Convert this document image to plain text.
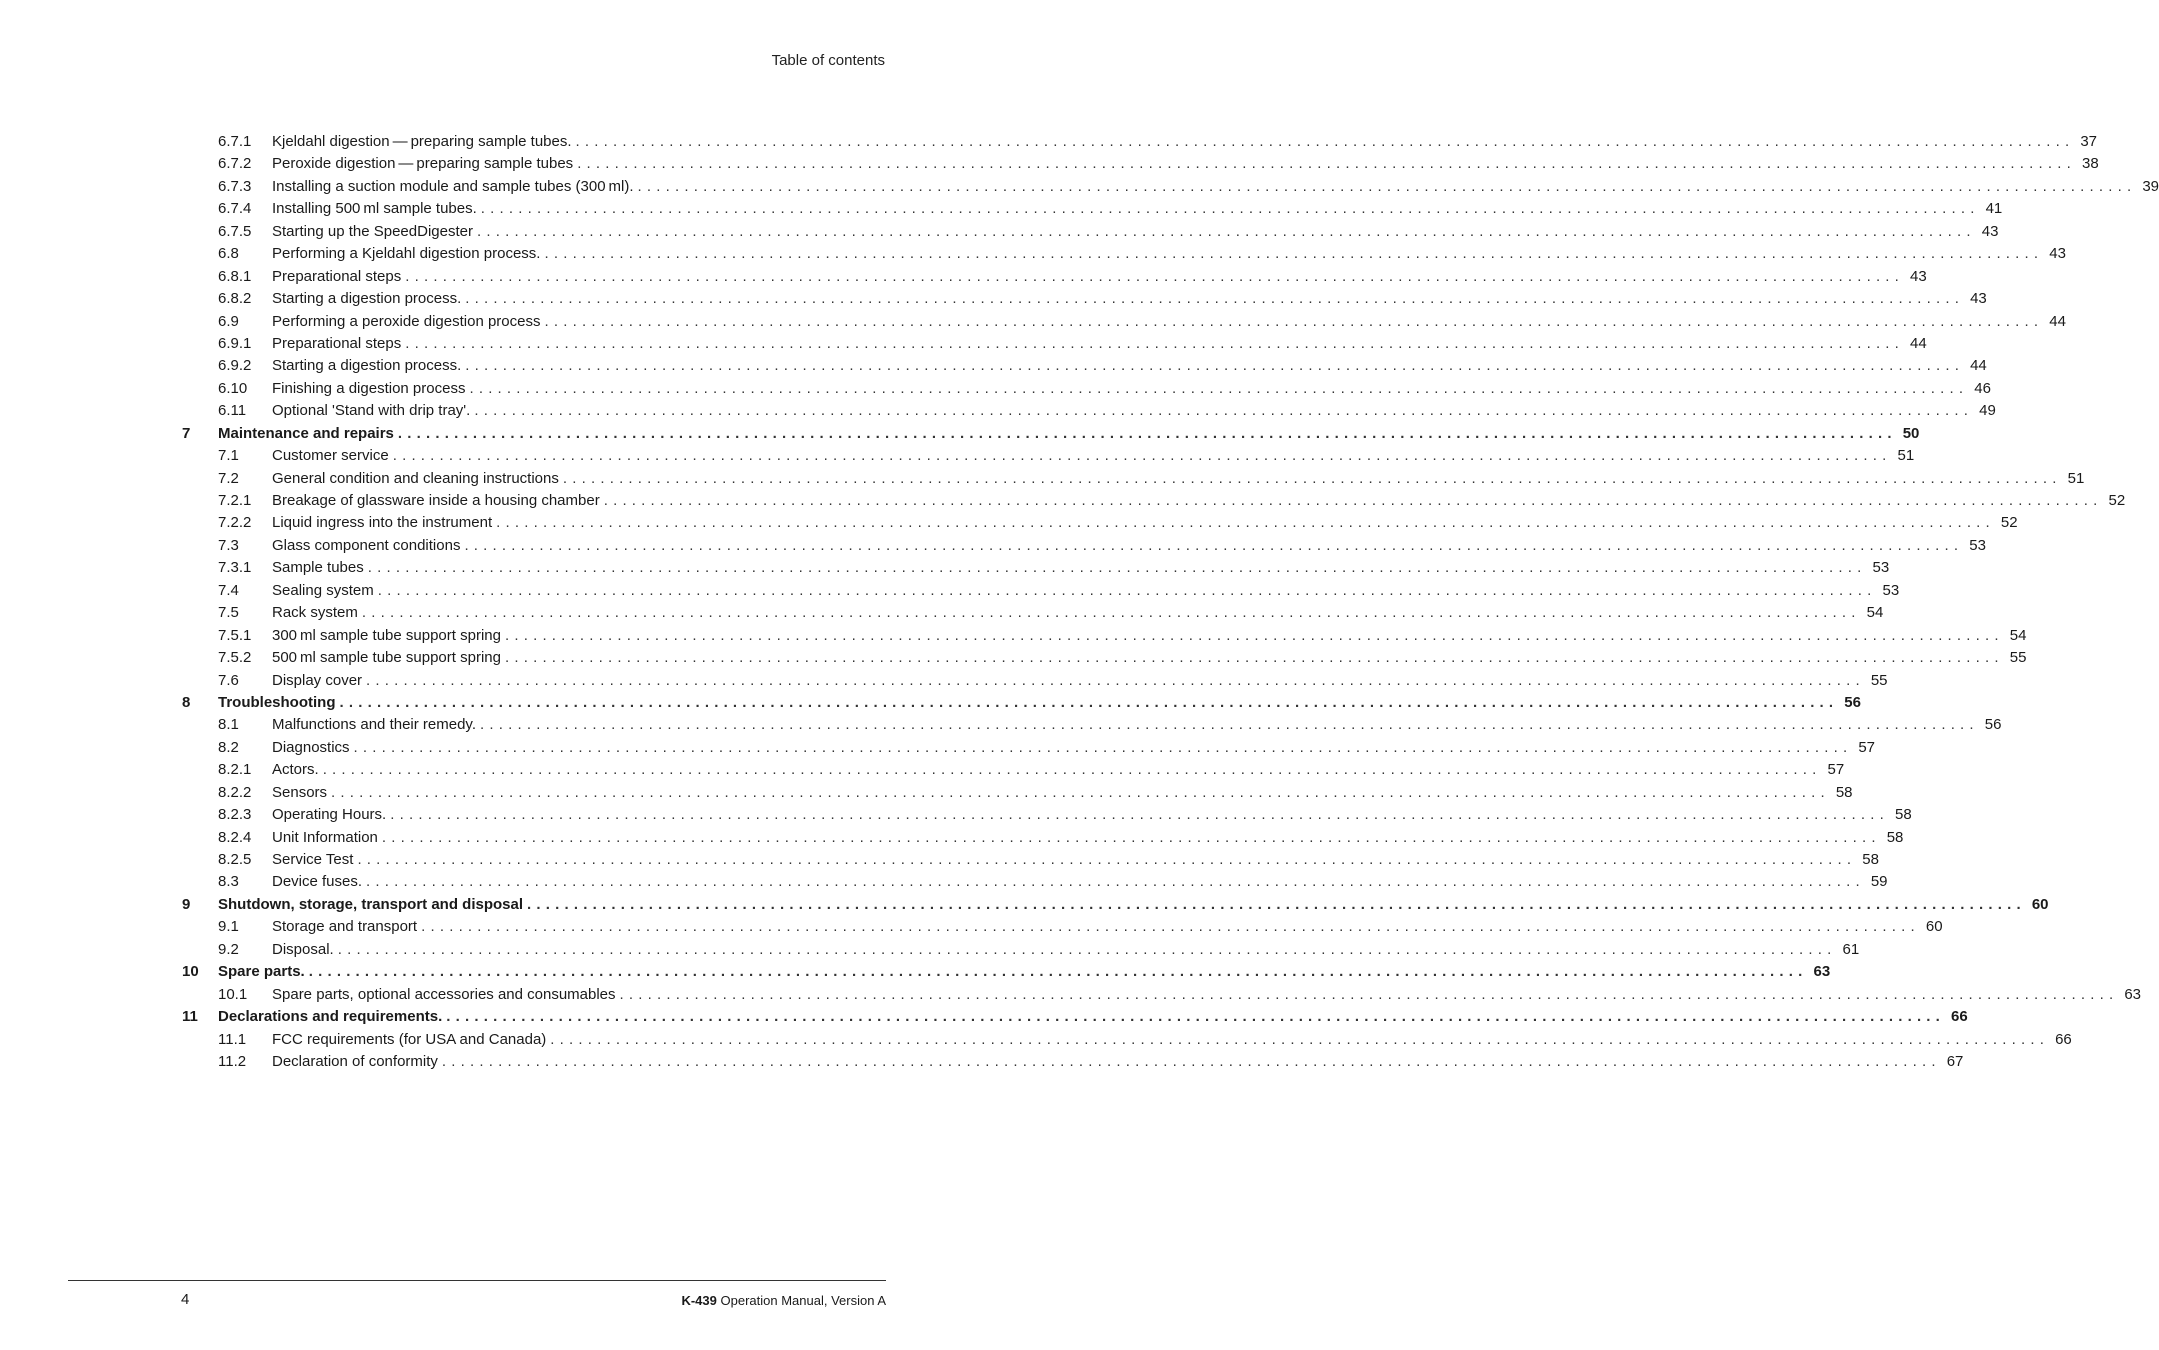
Table of contents
6.7.1 Kjeldahl digestion — preparing sample tubes. ................................................................................................................................................................ 37
6.7.2 Peroxide digestion — preparing sample tubes ................................................................................................................................................................ 38
6.7.3 Installing a suction module and sample tubes (300 ml). ................................................................................................................................................................ 39
6.7.4 Installing 500 ml sample tubes. ................................................................................................................................................................ 41
6.7.5 Starting up the SpeedDigester ................................................................................................................................................................ 43
6.8 Performing a Kjeldahl digestion process. ................................................................................................................................................................ 43
6.8.1 Preparational steps ................................................................................................................................................................ 43
6.8.2 Starting a digestion process. ................................................................................................................................................................ 43
6.9 Performing a peroxide digestion process ................................................................................................................................................................ 44
6.9.1 Preparational steps ................................................................................................................................................................ 44
6.9.2 Starting a digestion process. ................................................................................................................................................................ 44
6.10 Finishing a digestion process ................................................................................................................................................................ 46
6.11 Optional 'Stand with drip tray'. ................................................................................................................................................................ 49
7 Maintenance and repairs ................................................................................................................................................................ 50
7.1 Customer service ................................................................................................................................................................ 51
7.2 General condition and cleaning instructions ................................................................................................................................................................ 51
7.2.1 Breakage of glassware inside a housing chamber ................................................................................................................................................................ 52
7.2.2 Liquid ingress into the instrument ................................................................................................................................................................ 52
7.3 Glass component conditions ................................................................................................................................................................ 53
7.3.1 Sample tubes ................................................................................................................................................................ 53
7.4 Sealing system ................................................................................................................................................................ 53
7.5 Rack system ................................................................................................................................................................ 54
7.5.1 300 ml sample tube support spring ................................................................................................................................................................ 54
7.5.2 500 ml sample tube support spring ................................................................................................................................................................ 55
7.6 Display cover ................................................................................................................................................................ 55
8 Troubleshooting ................................................................................................................................................................ 56
8.1 Malfunctions and their remedy. ................................................................................................................................................................ 56
8.2 Diagnostics ................................................................................................................................................................ 57
8.2.1 Actors. ................................................................................................................................................................ 57
8.2.2 Sensors ................................................................................................................................................................ 58
8.2.3 Operating Hours. ................................................................................................................................................................ 58
8.2.4 Unit Information ................................................................................................................................................................ 58
8.2.5 Service Test ................................................................................................................................................................ 58
8.3 Device fuses. ................................................................................................................................................................ 59
9 Shutdown, storage, transport and disposal ................................................................................................................................................................ 60
9.1 Storage and transport ................................................................................................................................................................ 60
9.2 Disposal. ................................................................................................................................................................ 61
10 Spare parts. ................................................................................................................................................................ 63
10.1 Spare parts, optional accessories and consumables ................................................................................................................................................................ 63
11 Declarations and requirements. ................................................................................................................................................................ 66
11.1 FCC requirements (for USA and Canada) ................................................................................................................................................................ 66
11.2 Declaration of conformity ................................................................................................................................................................ 67
4	K-439 Operation Manual, Version A
